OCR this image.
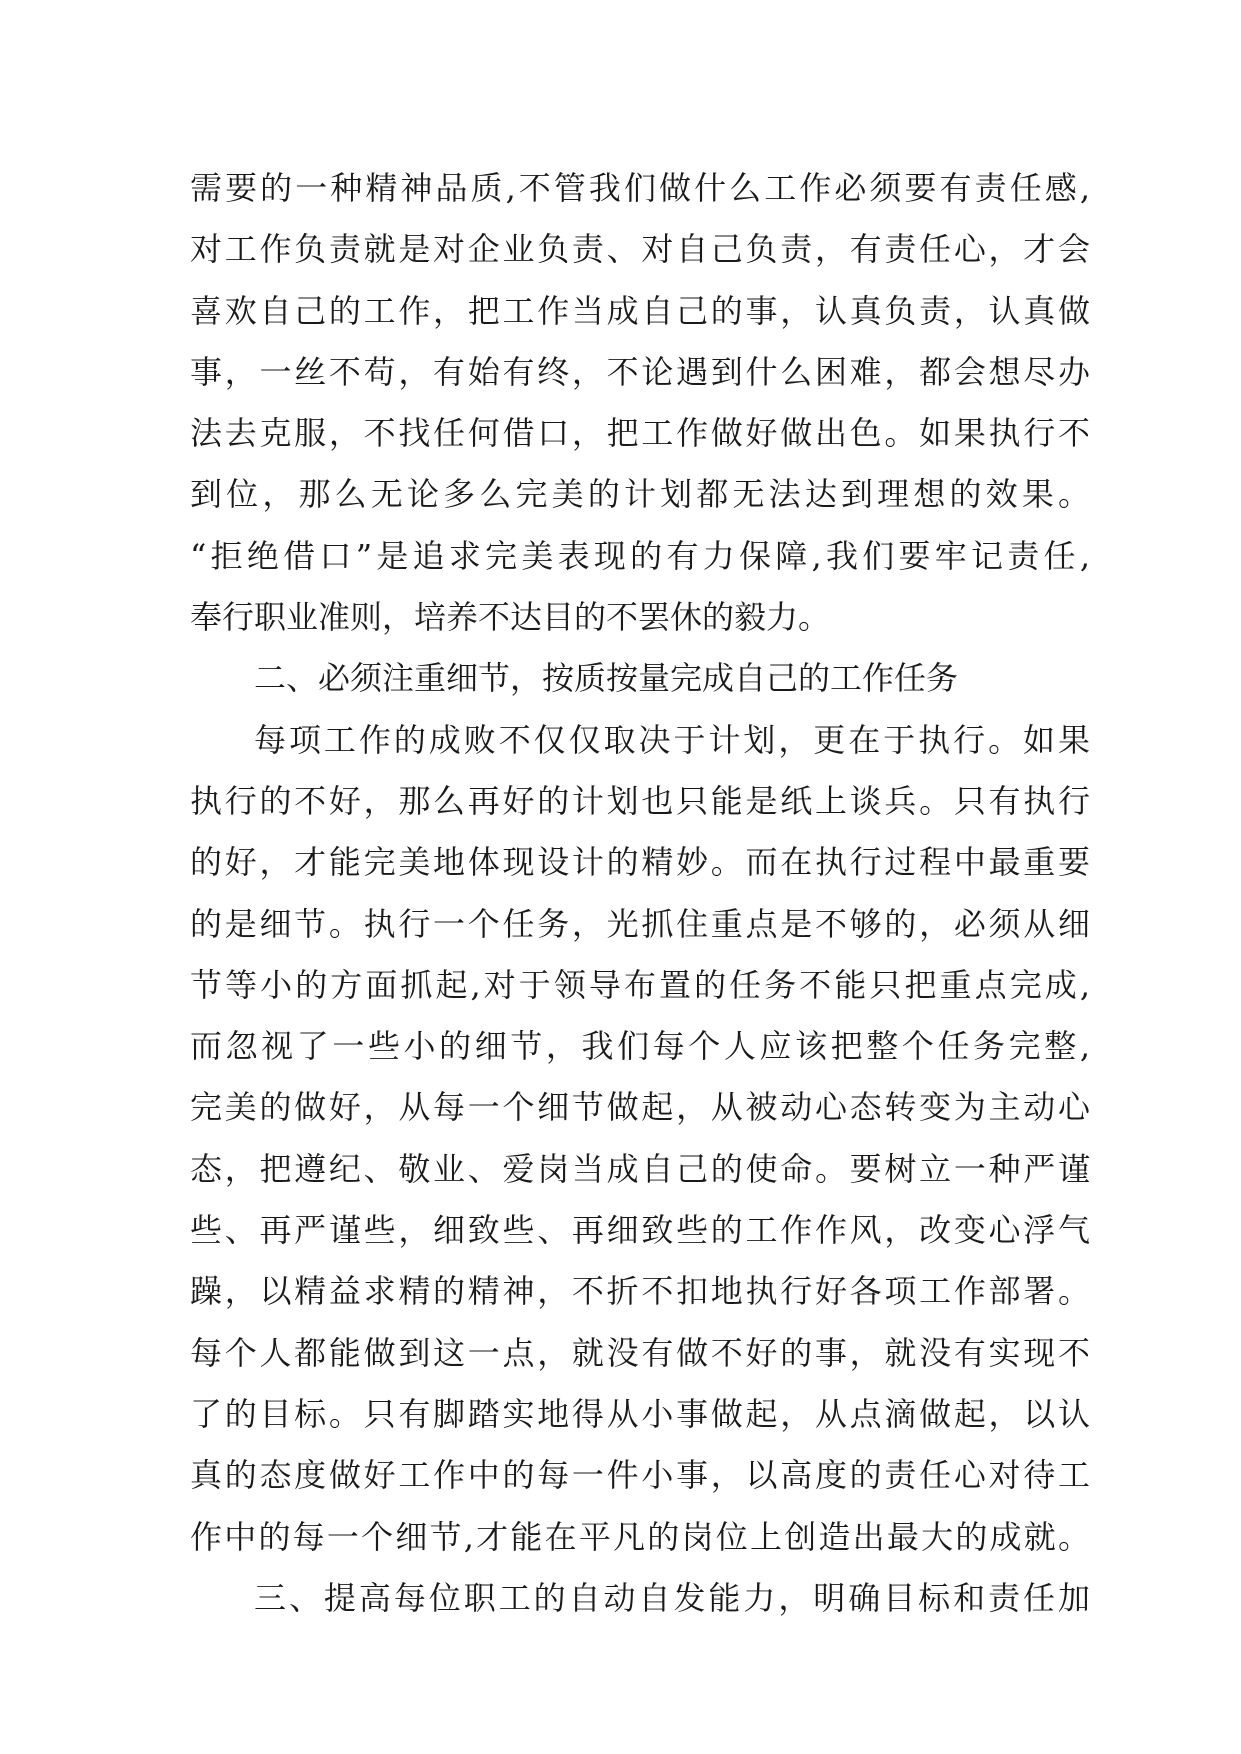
需要的一种精神品质,不管我们做什么工作必须要有责任感,
对工作负责就是对企业负责、对自己负责，有责任心，才会
喜欢自己的工作，把工作当成自己的事，认真负责，认真做
事，一丝不苟，有始有终，不论遇到什么困难，都会想尽办
法去克服，不找任何借口，把工作做好做出色。如果执行不
到位，那么无论多么完美的计划都无法达到理想的效果。
“拒绝借口”是追求完美表现的有力保障,我们要牢记责任,
奉行职业准则，培养不达目的不罢休的毅力。
二、必须注重细节，按质按量完成自己的工作任务
每项工作的成败不仅仅取决于计划，更在于执行。如果
执行的不好，那么再好的计划也只能是纸上谈兵。只有执行
的好，才能完美地体现设计的精妙。而在执行过程中最重要
的是细节。执行一个任务，光抓住重点是不够的，必须从细
节等小的方面抓起,对于领导布置的任务不能只把重点完成,
而忽视了一些小的细节，我们每个人应该把整个任务完整,
完美的做好，从每一个细节做起，从被动心态转变为主动心
态，把遵纪、敬业、爱岗当成自己的使命。要树立一种严谨
些、再严谨些，细致些、再细致些的工作作风，改变心浮气
躁，以精益求精的精神，不折不扣地执行好各项工作部署。
每个人都能做到这一点，就没有做不好的事，就没有实现不
了的目标。只有脚踏实地得从小事做起，从点滴做起，以认
真的态度做好工作中的每一件小事，以高度的责任心对待工
作中的每一个细节,才能在平凡的岗位上创造出最大的成就。
三、提高每位职工的自动自发能力，明确目标和责任加
